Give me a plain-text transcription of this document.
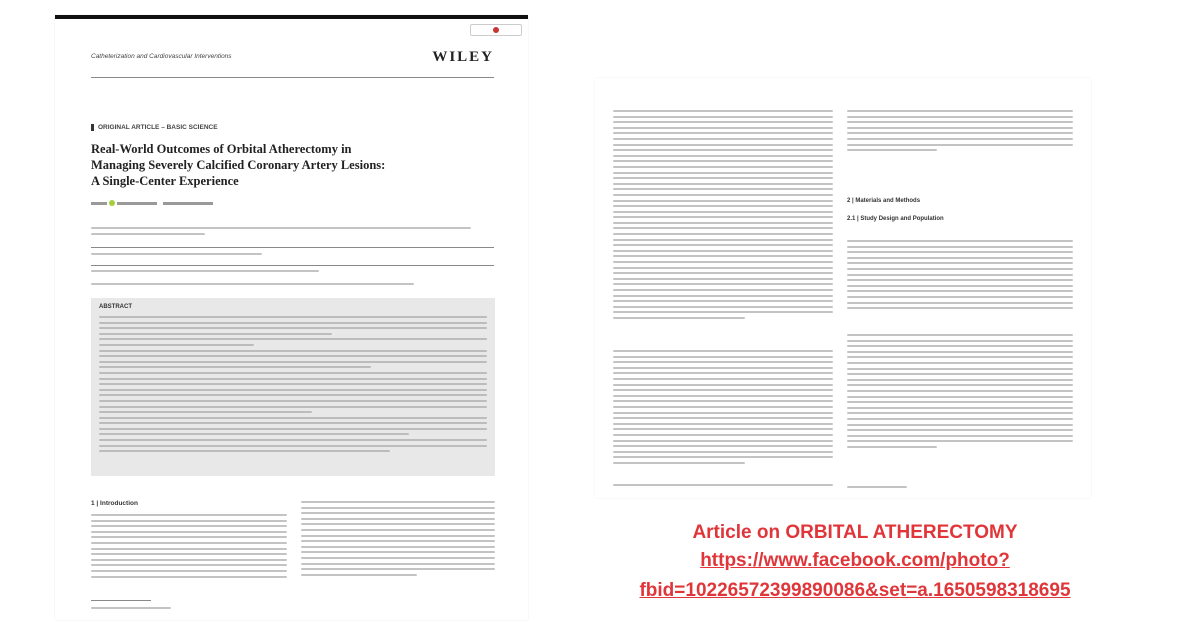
Catheterization and Cardiovascular Interventions	WILEY
ORIGINAL ARTICLE – BASIC SCIENCE
Real-World Outcomes of Orbital Atherectomy in Managing Severely Calcified Coronary Artery Lesions: A Single-Center Experience

ABSTRACT
1 | Introduction
2 | Materials and Methods
2.1 | Study Design and Population
Article on ORBITAL ATHERECTOMY
https://www.facebook.com/photo?
fbid=1022657239989008​6&set=a.1650598318695
